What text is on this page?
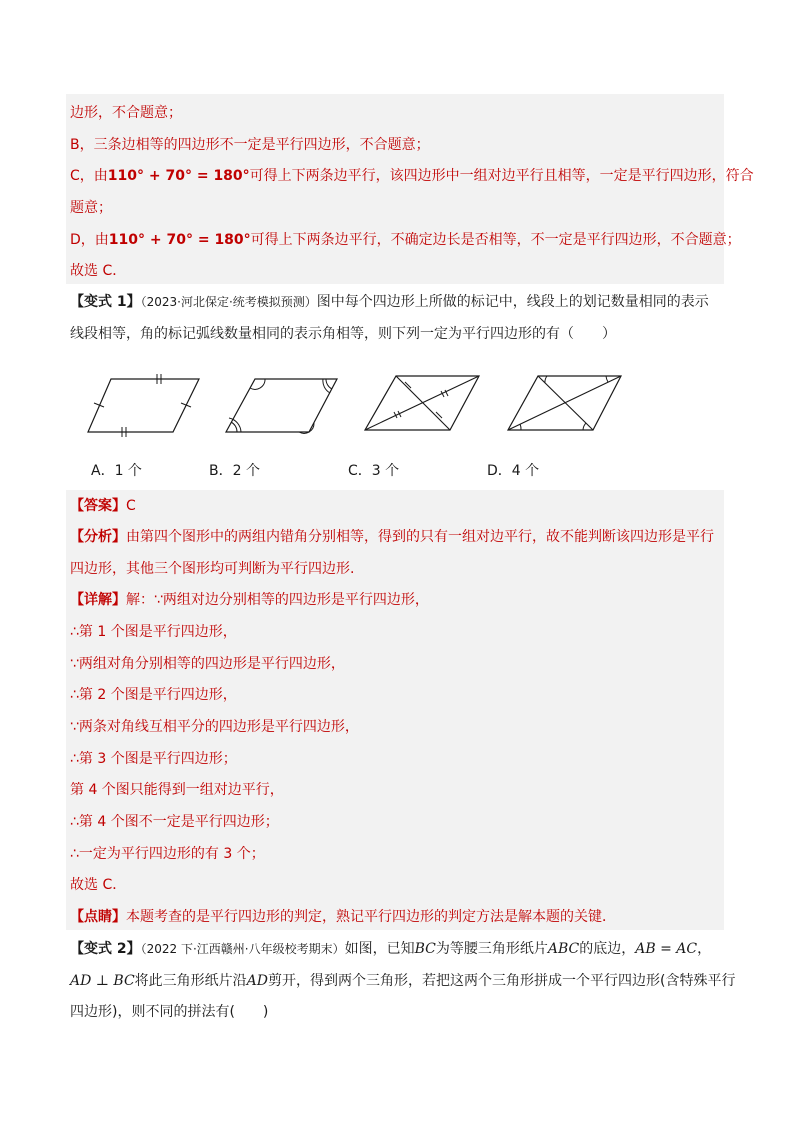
边形，不合题意；
B，三条边相等的四边形不一定是平行四边形，不合题意；
C，由110° + 70° = 180°可得上下两条边平行，该四边形中一组对边平行且相等，一定是平行四边形，符合
题意；
D，由110° + 70° = 180°可得上下两条边平行，不确定边长是否相等，不一定是平行四边形，不合题意；
故选 C．
【变式 1】（2023·河北保定·统考模拟预测）图中每个四边形上所做的标记中，线段上的划记数量相同的表示
线段相等，角的标记弧线数量相同的表示角相等，则下列一定为平行四边形的有（　　）
A．1 个	B．2 个	C．3 个	D．4 个
【答案】C
【分析】由第四个图形中的两组内错角分别相等，得到的只有一组对边平行，故不能判断该四边形是平行
四边形，其他三个图形均可判断为平行四边形.
【详解】解：∵两组对边分别相等的四边形是平行四边形，
∴第 1 个图是平行四边形，
∵两组对角分别相等的四边形是平行四边形，
∴第 2 个图是平行四边形，
∵两条对角线互相平分的四边形是平行四边形，
∴第 3 个图是平行四边形；
第 4 个图只能得到一组对边平行，
∴第 4 个图不一定是平行四边形；
∴一定为平行四边形的有 3 个；
故选 C．
【点睛】本题考查的是平行四边形的判定，熟记平行四边形的判定方法是解本题的关键．
【变式 2】（2022 下·江西赣州·八年级校考期末）如图，已知BC为等腰三角形纸片ABC的底边，AB = AC，
AD ⊥ BC将此三角形纸片沿AD剪开，得到两个三角形，若把这两个三角形拼成一个平行四边形(含特殊平行
四边形)，则不同的拼法有(　　)
